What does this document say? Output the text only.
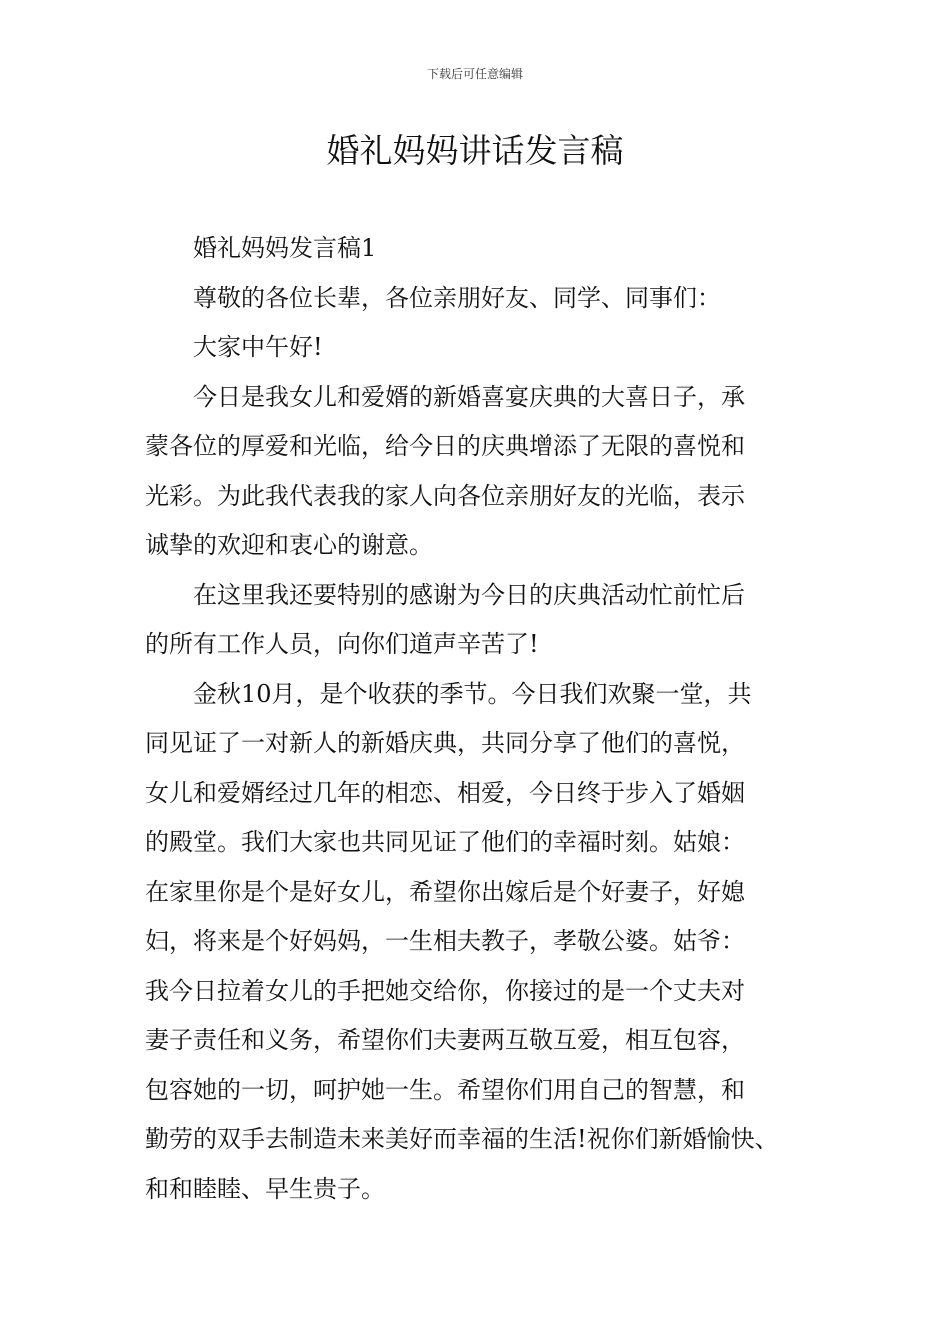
下载后可任意编辑
婚礼妈妈讲话发言稿

婚礼妈妈发言稿1

尊敬的各位长辈，各位亲朋好友、同学、同事们：

大家中午好!

今日是我女儿和爱婿的新婚喜宴庆典的大喜日子，承
蒙各位的厚爱和光临，给今日的庆典增添了无限的喜悦和
光彩。为此我代表我的家人向各位亲朋好友的光临，表示
诚挚的欢迎和衷心的谢意。

在这里我还要特别的感谢为今日的庆典活动忙前忙后
的所有工作人员，向你们道声辛苦了!

金秋10月，是个收获的季节。今日我们欢聚一堂，共
同见证了一对新人的新婚庆典，共同分享了他们的喜悦，
女儿和爱婿经过几年的相恋、相爱，今日终于步入了婚姻
的殿堂。我们大家也共同见证了他们的幸福时刻。姑娘：
在家里你是个是好女儿，希望你出嫁后是个好妻子，好媳
妇，将来是个好妈妈，一生相夫教子，孝敬公婆。姑爷：
我今日拉着女儿的手把她交给你，你接过的是一个丈夫对
妻子责任和义务，希望你们夫妻两互敬互爱，相互包容，
包容她的一切，呵护她一生。希望你们用自己的智慧，和
勤劳的双手去制造未来美好而幸福的生活!祝你们新婚愉快、
和和睦睦、早生贵子。
